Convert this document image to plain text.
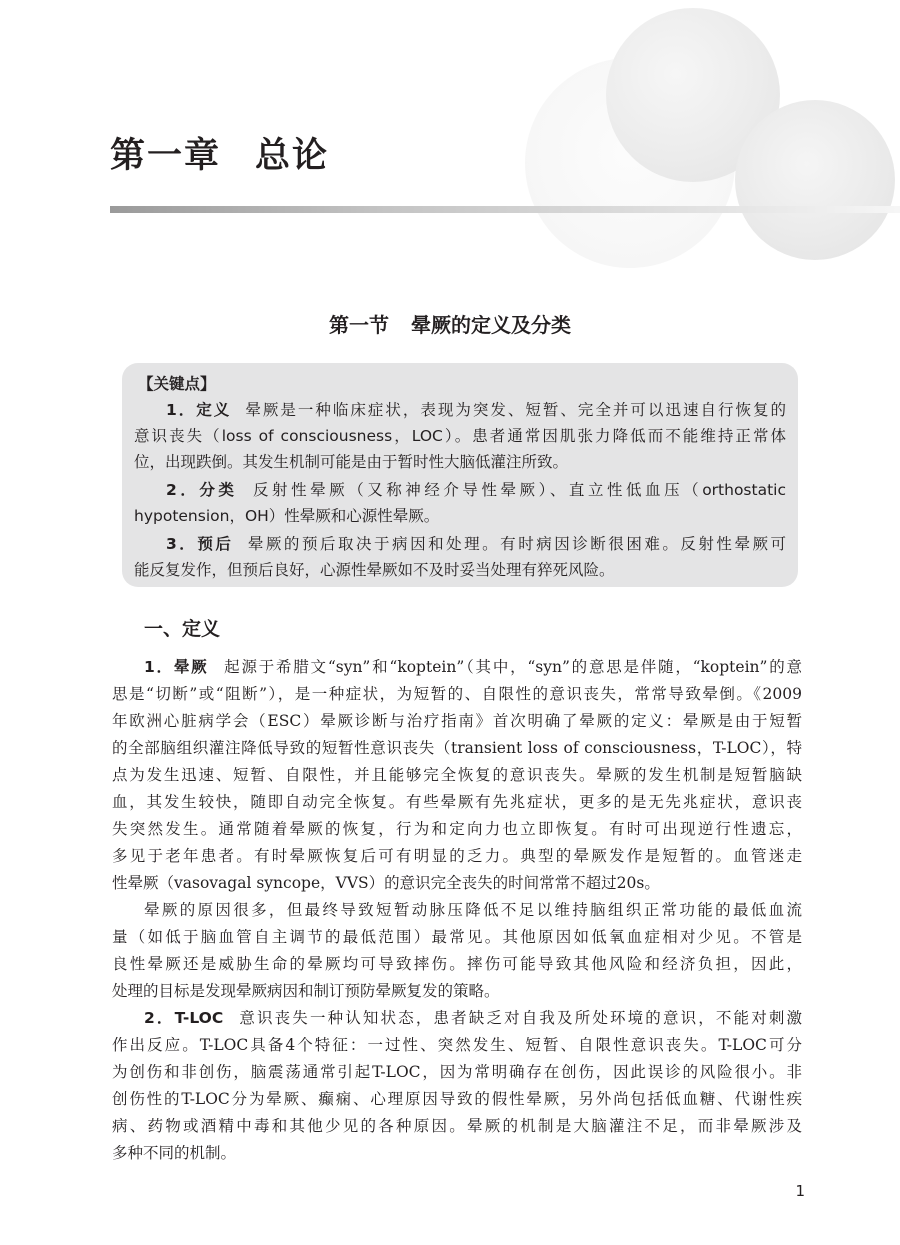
第一章 总论
第一节 晕厥的定义及分类
【关键点】
1．定义 晕厥是一种临床症状，表现为突发、短暂、完全并可以迅速自行恢复的
意识丧失（loss of consciousness，LOC）。患者通常因肌张力降低而不能维持正常体
位，出现跌倒。其发生机制可能是由于暂时性大脑低灌注所致。
2．分类 反射性晕厥（又称神经介导性晕厥）、直立性低血压（orthostatic
hypotension，OH）性晕厥和心源性晕厥。
3．预后 晕厥的预后取决于病因和处理。有时病因诊断很困难。反射性晕厥可
能反复发作，但预后良好，心源性晕厥如不及时妥当处理有猝死风险。
一、定义
1．晕厥 起源于希腊文“syn”和“koptein”（其中，“syn”的意思是伴随，“koptein”的意
思是“切断”或“阻断”），是一种症状，为短暂的、自限性的意识丧失，常常导致晕倒。《2009
年欧洲心脏病学会（ESC）晕厥诊断与治疗指南》首次明确了晕厥的定义：晕厥是由于短暂
的全部脑组织灌注降低导致的短暂性意识丧失（transient loss of consciousness，T-LOC），特
点为发生迅速、短暂、自限性，并且能够完全恢复的意识丧失。晕厥的发生机制是短暂脑缺
血，其发生较快，随即自动完全恢复。有些晕厥有先兆症状，更多的是无先兆症状，意识丧
失突然发生。通常随着晕厥的恢复，行为和定向力也立即恢复。有时可出现逆行性遗忘，
多见于老年患者。有时晕厥恢复后可有明显的乏力。典型的晕厥发作是短暂的。血管迷走
性晕厥（vasovagal syncope，VVS）的意识完全丧失的时间常常不超过20s。
晕厥的原因很多，但最终导致短暂动脉压降低不足以维持脑组织正常功能的最低血流
量（如低于脑血管自主调节的最低范围）最常见。其他原因如低氧血症相对少见。不管是
良性晕厥还是威胁生命的晕厥均可导致摔伤。摔伤可能导致其他风险和经济负担，因此，
处理的目标是发现晕厥病因和制订预防晕厥复发的策略。
2．T-LOC 意识丧失一种认知状态，患者缺乏对自我及所处环境的意识，不能对刺激
作出反应。T-LOC具备4个特征：一过性、突然发生、短暂、自限性意识丧失。T-LOC可分
为创伤和非创伤，脑震荡通常引起T-LOC，因为常明确存在创伤，因此误诊的风险很小。非
创伤性的T-LOC分为晕厥、癫痫、心理原因导致的假性晕厥，另外尚包括低血糖、代谢性疾
病、药物或酒精中毒和其他少见的各种原因。晕厥的机制是大脑灌注不足，而非晕厥涉及
多种不同的机制。
1
